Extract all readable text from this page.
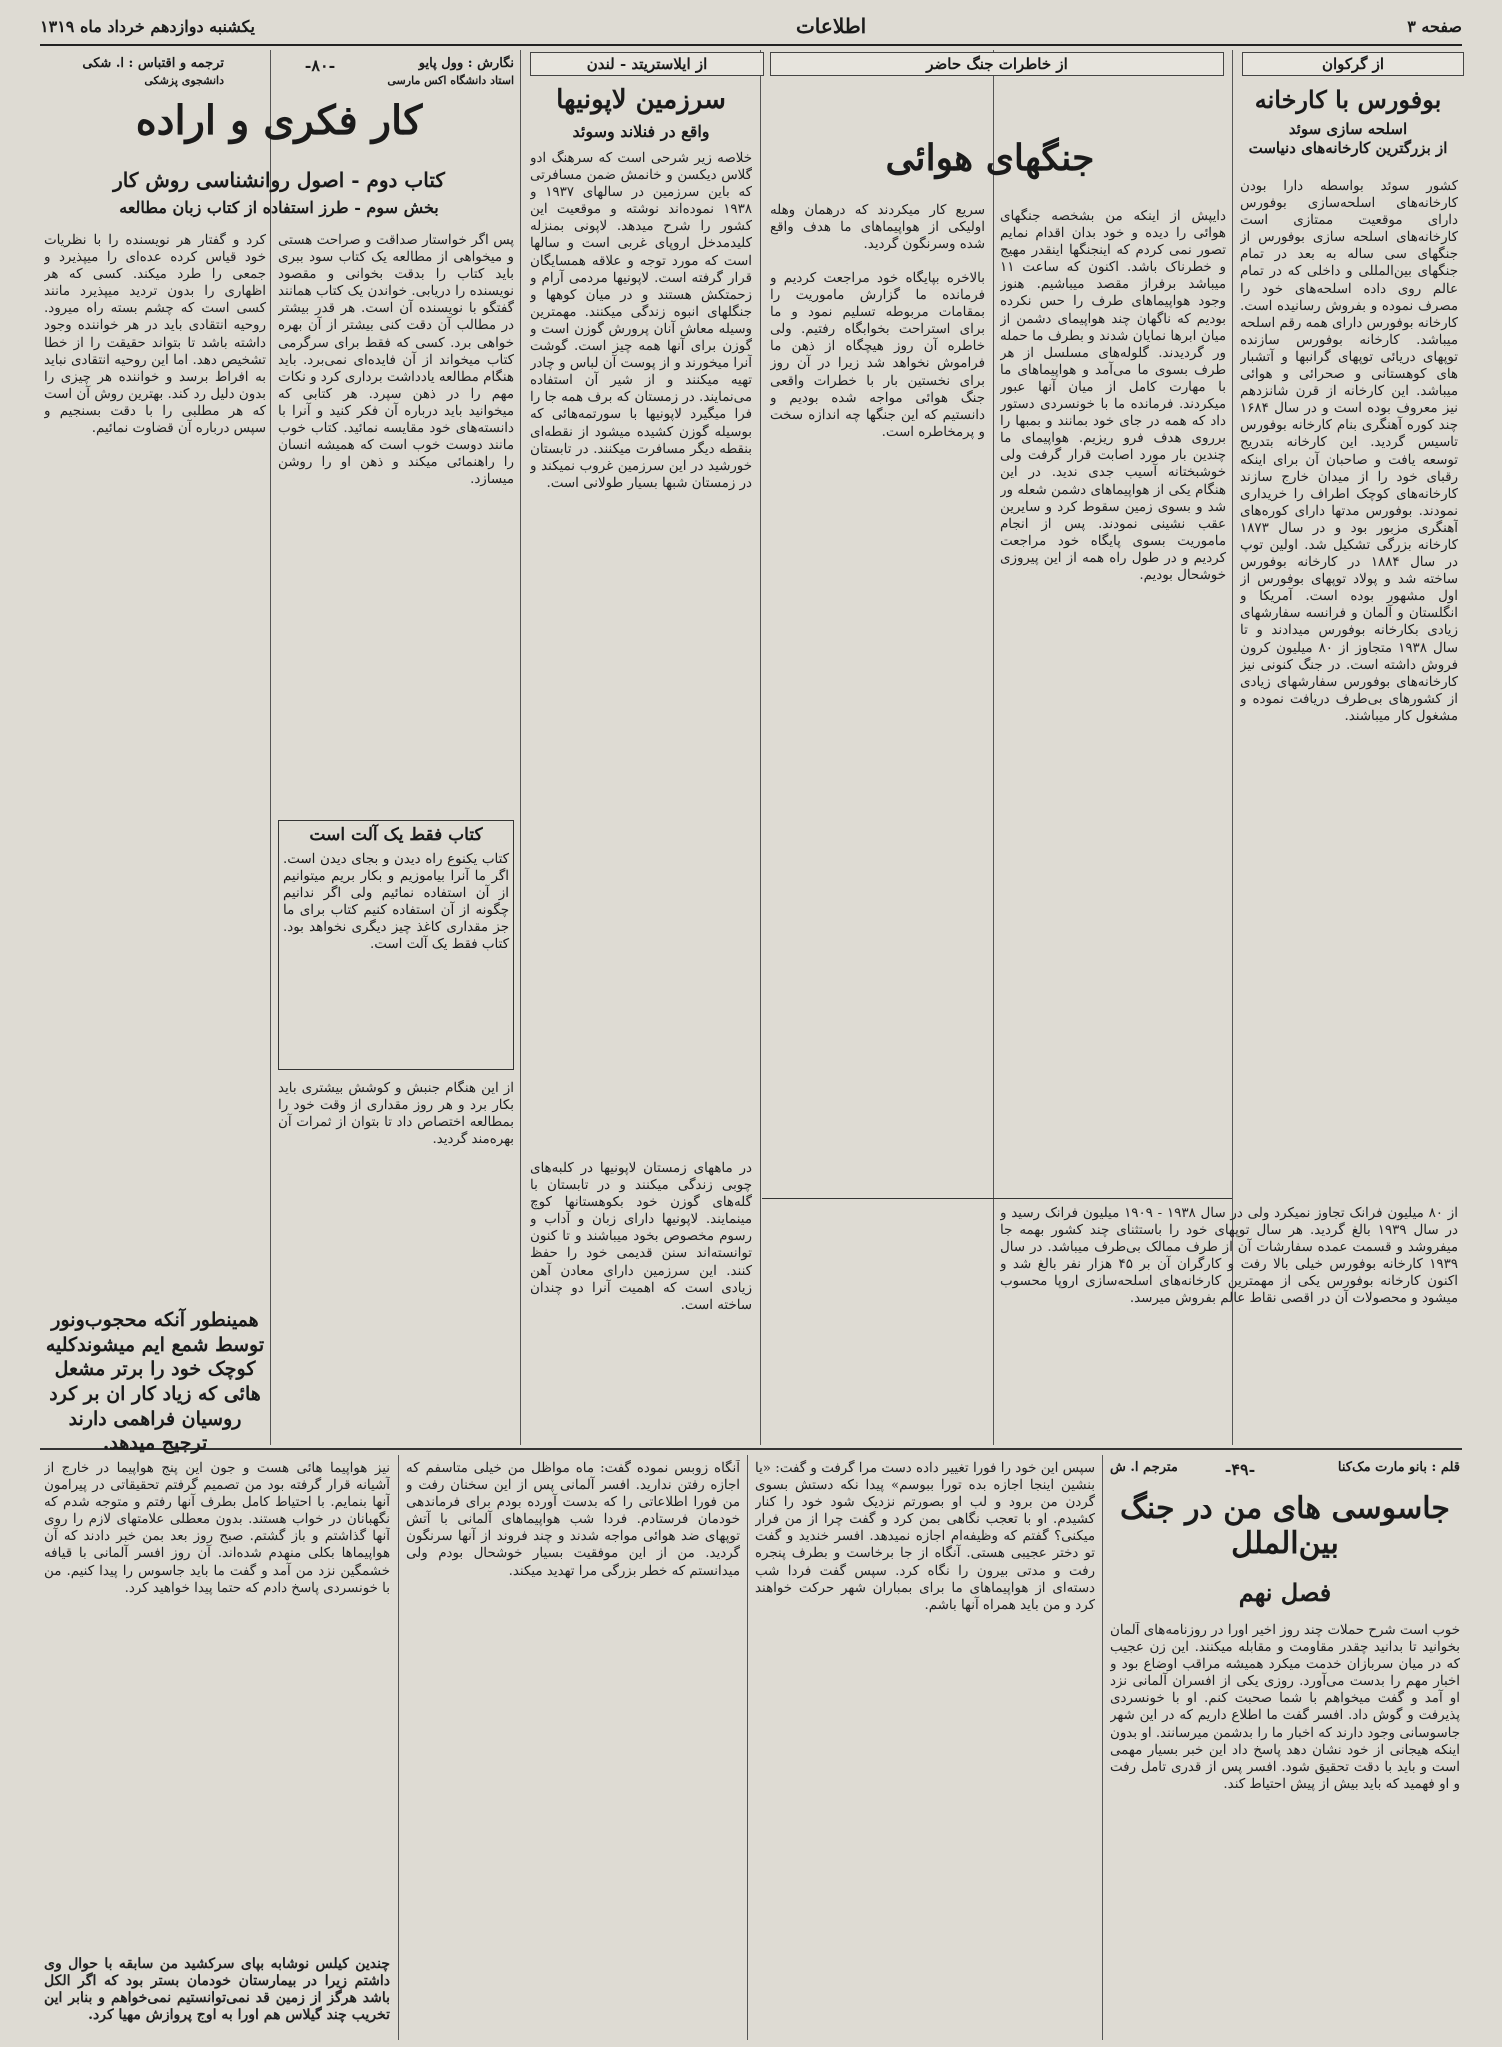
صفحه ۳
اطلاعات
یکشنبه دوازدهم خرداد ماه ۱۳۱۹
از گرکوان
بوفورس با کارخانه
اسلحه سازی سوئد
از بزرگترین کارخانه‌های دنیاست
کشور سوئد بواسطه دارا بودن کارخانه‌های اسلحه‌سازی بوفورس دارای موقعیت ممتازی است کارخانه‌های اسلحه سازی بوفورس از جنگهای سی ساله به بعد در تمام جنگهای بین‌المللی و داخلی که در تمام عالم روی داده اسلحه‌های خود را مصرف نموده و بفروش رسانیده است. کارخانه بوفورس دارای همه رقم اسلحه میباشد. کارخانه بوفورس سازنده توپهای دریائی توپهای گرانبها و آتشبار های کوهستانی و صحرائی و هوائی میباشد. این کارخانه از قرن شانزدهم نیز معروف بوده است و در سال ۱۶۸۴ چند کوره آهنگری بنام کارخانه بوفورس تاسیس گردید. این کارخانه بتدریج توسعه یافت و صاحبان آن برای اینکه رقبای خود را از میدان خارج سازند کارخانه‌های کوچک اطراف را خریداری نمودند. بوفورس مدتها دارای کوره‌های آهنگری مزبور بود و در سال ۱۸۷۳ کارخانه بزرگی تشکیل شد. اولین توپ در سال ۱۸۸۴ در کارخانه بوفورس ساخته شد و پولاد توپهای بوفورس از اول مشهور بوده است. آمریکا و انگلستان و آلمان و فرانسه سفارشهای زیادی بکارخانه بوفورس میدادند و تا سال ۱۹۳۸ متجاوز از ۸۰ میلیون کرون فروش داشته است. در جنگ کنونی نیز کارخانه‌های بوفورس سفارشهای زیادی از کشورهای بی‌طرف دریافت نموده و مشغول کار میباشند.
از ۸۰ میلیون فرانک تجاوز نمیکرد ولی در سال ۱۹۳۸ - ۱۹۰۹ میلیون فرانک رسید و در سال ۱۹۳۹ بالغ گردید. هر سال توپهای خود را باستثنای چند کشور بهمه جا میفروشد و قسمت عمده سفارشات آن از طرف ممالک بی‌طرف میباشد. در سال ۱۹۳۹ کارخانه بوفورس خیلی بالا رفت و کارگران آن بر ۴۵ هزار نفر بالغ شد و اکنون کارخانه بوفورس یکی از مهمترین کارخانه‌های اسلحه‌سازی اروپا محسوب میشود و محصولات آن در اقصی نقاط عالم بفروش میرسد.
از خاطرات جنگ حاضر
جنگهای هوائی
سریع کار میکردند که درهمان وهله اولیکی از هواپیماهای ما هدف واقع شده وسرنگون گردید.
دایپش از اینکه من بشخصه جنگهای هوائی را دیده و خود بدان اقدام نمایم تصور نمی کردم که اینجنگها اینقدر مهیج و خطرناک باشد. اکنون که ساعت ۱۱ میباشد برفراز مقصد میباشیم. هنوز وجود هواپیماهای طرف را حس نکرده بودیم که ناگهان چند هواپیمای دشمن از میان ابرها نمایان شدند و بطرف ما حمله ور گردیدند. گلوله‌های مسلسل از هر طرف بسوی ما می‌آمد و هواپیماهای ما با مهارت کامل از میان آنها عبور میکردند. فرمانده ما با خونسردی دستور داد که همه در جای خود بمانند و بمبها را برروی هدف فرو ریزیم. هواپیمای ما چندین بار مورد اصابت قرار گرفت ولی خوشبختانه آسیب جدی ندید. در این هنگام یکی از هواپیماهای دشمن شعله ور شد و بسوی زمین سقوط کرد و سایرین عقب نشینی نمودند. پس از انجام ماموریت بسوی پایگاه خود مراجعت کردیم و در طول راه همه از این پیروزی خوشحال بودیم.
بالاخره بپایگاه خود مراجعت کردیم و فرمانده ما گزارش ماموریت را بمقامات مربوطه تسلیم نمود و ما برای استراحت بخوابگاه رفتیم. ولی خاطره آن روز هیچگاه از ذهن ما فراموش نخواهد شد زیرا در آن روز برای نخستین بار با خطرات واقعی جنگ هوائی مواجه شده بودیم و دانستیم که این جنگها چه اندازه سخت و پرمخاطره است.
از ایلاستریتد - لندن
سرزمین لاپونیها
واقع در فنلاند وسوئد
خلاصه زیر شرحی است که سرهنگ ادو گلاس دیکسن و خانمش ضمن مسافرتی که باین سرزمین در سالهای ۱۹۳۷ و ۱۹۳۸ نموده‌اند نوشته و موقعیت این کشور را شرح میدهد. لاپونی بمنزله کلیدمدخل اروپای غربی است و سالها است که مورد توجه و علاقه همسایگان قرار گرفته است. لاپونیها مردمی آرام و زحمتکش هستند و در میان کوهها و جنگلهای انبوه زندگی میکنند. مهمترین وسیله معاش آنان پرورش گوزن است و گوزن برای آنها همه چیز است. گوشت آنرا میخورند و از پوست آن لباس و چادر تهیه میکنند و از شیر آن استفاده می‌نمایند. در زمستان که برف همه جا را فرا میگیرد لاپونیها با سورتمه‌هائی که بوسیله گوزن کشیده میشود از نقطه‌ای بنقطه دیگر مسافرت میکنند. در تابستان خورشید در این سرزمین غروب نمیکند و در زمستان شبها بسیار طولانی است.
در ماههای زمستان لاپونیها در کلبه‌های چوبی زندگی میکنند و در تابستان با گله‌های گوزن خود بکوهستانها کوچ مینمایند. لاپونیها دارای زبان و آداب و رسوم مخصوص بخود میباشند و تا کنون توانسته‌اند سنن قدیمی خود را حفظ کنند. این سرزمین دارای معادن آهن زیادی است که اهمیت آنرا دو چندان ساخته است.
نگارش : وول پایو
استاد دانشگاه اکس مارسی
-۸۰-
ترجمه و اقتباس : ا. شکی
دانشجوی پزشکی
کار فکری و اراده
کتاب دوم - اصول روانشناسی روش کار
بخش سوم - طرز استفاده از کتاب زبان مطالعه
پس اگر خواستار صداقت و صراحت هستی و میخواهی از مطالعه یک کتاب سود ببری باید کتاب را بدقت بخوانی و مقصود نویسنده را دریابی. خواندن یک کتاب همانند گفتگو با نویسنده آن است. هر قدر بیشتر در مطالب آن دقت کنی بیشتر از آن بهره خواهی برد. کسی که فقط برای سرگرمی کتاب میخواند از آن فایده‌ای نمی‌برد. باید هنگام مطالعه یادداشت برداری کرد و نکات مهم را در ذهن سپرد. هر کتابی که میخوانید باید درباره آن فکر کنید و آنرا با دانسته‌های خود مقایسه نمائید. کتاب خوب مانند دوست خوب است که همیشه انسان را راهنمائی میکند و ذهن او را روشن میسازد.
کرد و گفتار هر نویسنده را با نظریات خود قیاس کرده عده‌ای را میپذیرد و جمعی را طرد میکند. کسی که هر اظهاری را بدون تردید میپذیرد مانند کسی است که چشم بسته راه میرود. روحیه انتقادی باید در هر خواننده وجود داشته باشد تا بتواند حقیقت را از خطا تشخیص دهد. اما این روحیه انتقادی نباید به افراط برسد و خواننده هر چیزی را بدون دلیل رد کند. بهترین روش آن است که هر مطلبی را با دقت بسنجیم و سپس درباره آن قضاوت نمائیم.
کتاب فقط یک آلت است
کتاب یکنوع راه دیدن و بجای دیدن است. اگر ما آنرا بیاموزیم و بکار بریم میتوانیم از آن استفاده نمائیم ولی اگر ندانیم چگونه از آن استفاده کنیم کتاب برای ما جز مقداری کاغذ چیز دیگری نخواهد بود. کتاب فقط یک آلت است.
از این هنگام جنبش و کوشش بیشتری باید بکار برد و هر روز مقداری از وقت خود را بمطالعه اختصاص داد تا بتوان از ثمرات آن بهره‌مند گردید.
همینطور آنکه محجوب‌ونور توسط شمع ایم میشوندکلیه کوچک خود را برتر مشعل هائی که زیاد کار ان بر کرد روسیان فراهمی دارند ترجیح میدهد.
قلم : بانو مارت مک‌کنا
-۴۹-
مترجم ا. ش
جاسوسی های من در جنگ بین‌الملل
فصل نهم
خوب است شرح حملات چند روز اخیر اورا در روزنامه‌های آلمان بخوانید تا بدانید چقدر مقاومت و مقابله میکنند. این زن عجیب که در میان سربازان خدمت میکرد همیشه مراقب اوضاع بود و اخبار مهم را بدست می‌آورد. روزی یکی از افسران آلمانی نزد او آمد و گفت میخواهم با شما صحبت کنم. او با خونسردی پذیرفت و گوش داد. افسر گفت ما اطلاع داریم که در این شهر جاسوسانی وجود دارند که اخبار ما را بدشمن میرسانند. او بدون اینکه هیجانی از خود نشان دهد پاسخ داد این خبر بسیار مهمی است و باید با دقت تحقیق شود. افسر پس از قدری تامل رفت و او فهمید که باید بیش از پیش احتیاط کند.
سپس این خود را فورا تغییر داده دست مرا گرفت و گفت: «یا بنشین اینجا اجازه بده تورا ببوسم» پیدا نکه دستش بسوی گردن من برود و لب او بصورتم نزدیک شود خود را کنار کشیدم. او با تعجب نگاهی بمن کرد و گفت چرا از من فرار میکنی؟ گفتم که وظیفه‌ام اجازه نمیدهد. افسر خندید و گفت تو دختر عجیبی هستی. آنگاه از جا برخاست و بطرف پنجره رفت و مدتی بیرون را نگاه کرد. سپس گفت فردا شب دسته‌ای از هواپیماهای ما برای بمباران شهر حرکت خواهند کرد و من باید همراه آنها باشم.
آنگاه زوبس نموده گفت: ماه مواظل من خیلی متاسفم که اجازه رفتن ندارید. افسر آلمانی پس از این سخنان رفت و من فورا اطلاعاتی را که بدست آورده بودم برای فرماندهی خودمان فرستادم. فردا شب هواپیماهای آلمانی با آتش توپهای ضد هوائی مواجه شدند و چند فروند از آنها سرنگون گردید. من از این موفقیت بسیار خوشحال بودم ولی میدانستم که خطر بزرگی مرا تهدید میکند.
نیز هواپیما هائی هست و جون این پنج هواپیما در خارج از آشیانه قرار گرفته بود من تصمیم گرفتم تحقیقاتی در پیرامون آنها بنمایم. با احتیاط کامل بطرف آنها رفتم و متوجه شدم که نگهبانان در خواب هستند. بدون معطلی علامتهای لازم را روی آنها گذاشتم و باز گشتم. صبح روز بعد بمن خبر دادند که آن هواپیماها بکلی منهدم شده‌اند. آن روز افسر آلمانی با قیافه خشمگین نزد من آمد و گفت ما باید جاسوس را پیدا کنیم. من با خونسردی پاسخ دادم که حتما پیدا خواهید کرد.
چندین کیلس نوشابه بپای سرکشید من سابقه با حوال وی داشتم زیرا در بیمارستان خودمان بستر بود که اگر الکل باشد هرگز از زمین قد نمی‌توانستیم نمی‌خواهم و بنابر این تخریب چند گیلاس هم اورا به اوج پروازش مهیا کرد.
